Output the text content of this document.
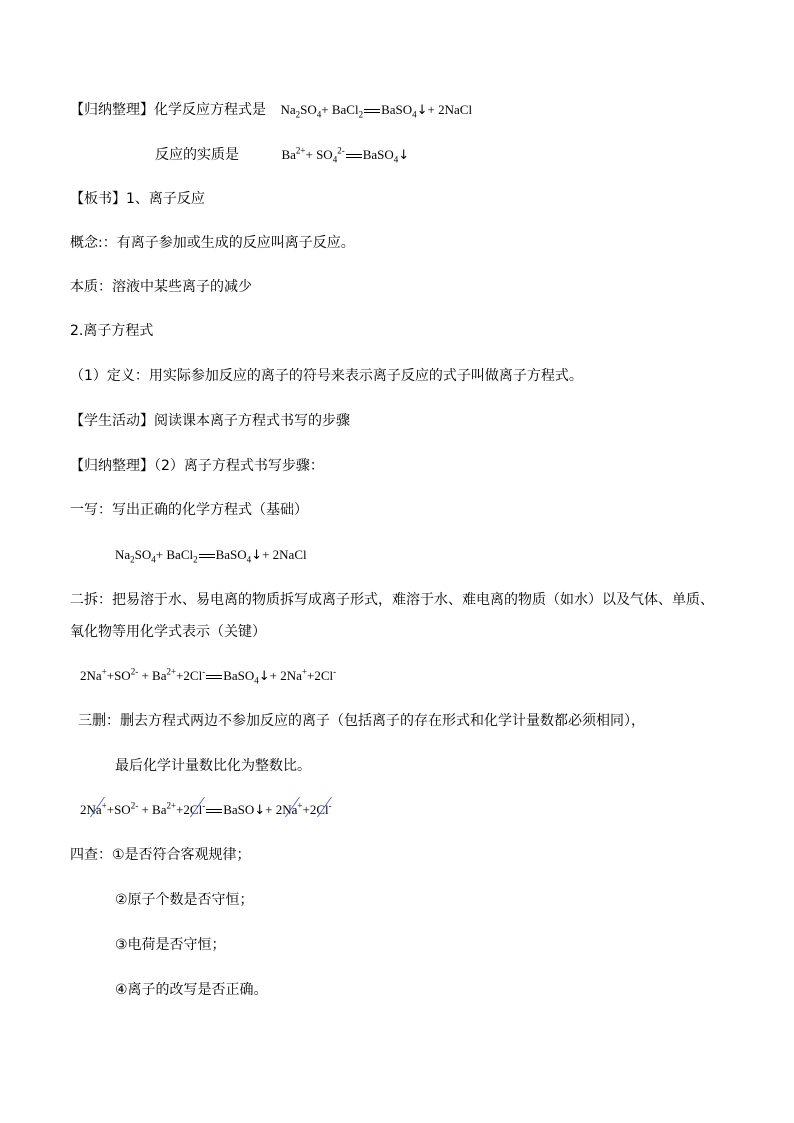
【归纳整理】化学反应方程式是 $Na_2SO_4+$ BaCl$_2$ BaSO$_4$↓+ 2NaCl
反应的实质是	$Ba^{2+}+ SO_4^{2-}$ BaSO$_4$↓
【板书】1、离子反应
概念:：有离子参加或生成的反应叫离子反应。
本质：溶液中某些离子的减少
2.离子方程式
（1）定义：用实际参加反应的离子的符号来表示离子反应的式子叫做离子方程式。
【学生活动】阅读课本离子方程式书写的步骤
【归纳整理】（2）离子方程式书写步骤：
一写：写出正确的化学方程式（基础）
$Na_2SO_4+$ BaCl$_2$ BaSO$_4$↓+ 2NaCl
二拆：把易溶于水、易电离的物质拆写成离子形式，难溶于水、难电离的物质（如水）以及气体、单质、
氧化物等用化学式表示（关键）
$2Na^++SO^{2-} + Ba^{2+}+2Cl^-$ BaSO$_4$↓+ 2Na++2Cl-
三删：删去方程式两边不参加反应的离子（包括离子的存在形式和化学计量数都必须相同），
最后化学计量数比化为整数比。
$2Na^++SO^{2-} + Ba^{2+}+2Cl^-$ BaSO↓+ 2Na++2Cl-
四查：①是否符合客观规律；
②原子个数是否守恒；
③电荷是否守恒；
④离子的改写是否正确。
